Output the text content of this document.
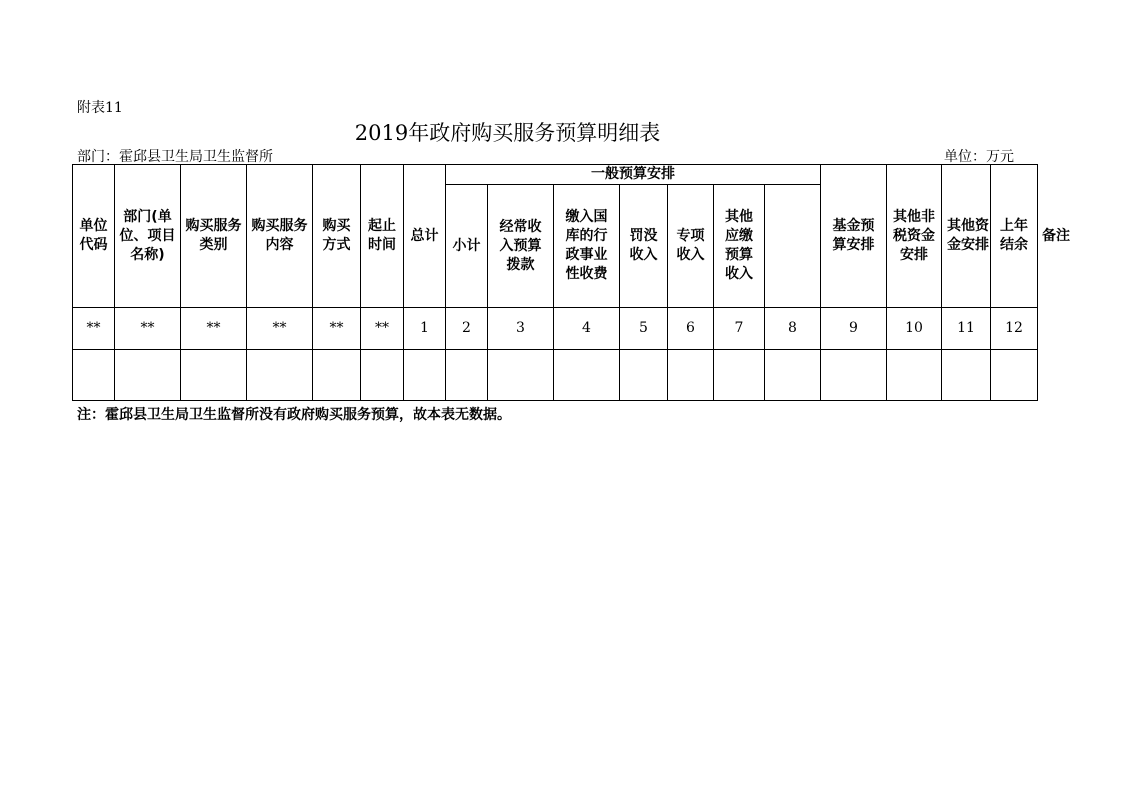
附表11
2019年政府购买服务预算明细表
部门：霍邱县卫生局卫生监督所	单位：万元
单位代码	部门(单位、项目名称)	购买服务类别	购买服务内容	购买方式	起止时间	总计	一般预算安排							基金预算安排	其他非税资金安排	其他资金安排	上年结余	备注
							小计	经常收入预算拨款	缴入国库的行政事业性收费	罚没收入	专项收入	其他应缴预算收入						
**	**	**	**	**	**	1	2	3	4	5	6	7	8	9	10	11	12	

注：霍邱县卫生局卫生监督所没有政府购买服务预算，故本表无数据。
